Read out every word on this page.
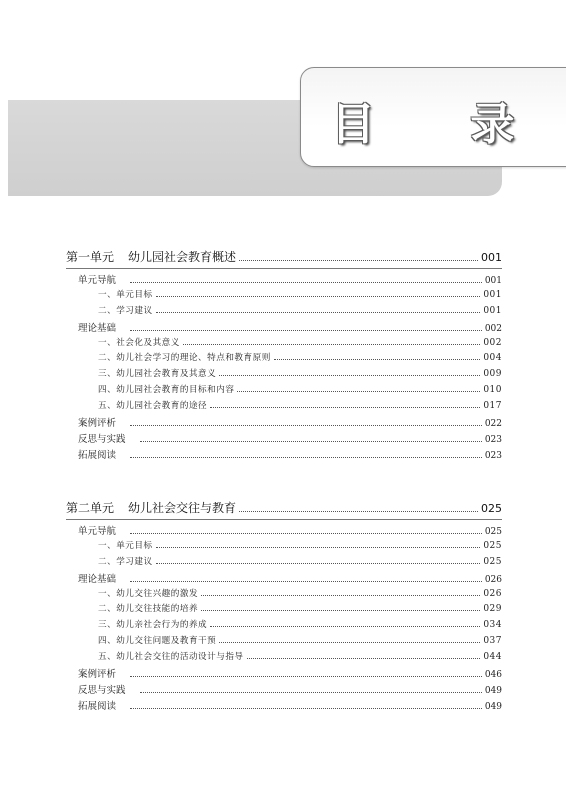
目 录
第一单元 幼儿园社会教育概述	001
单元导航	001
一、单元目标	001
二、学习建议	001
理论基础	002
一、社会化及其意义	002
二、幼儿社会学习的理论、特点和教育原则	004
三、幼儿园社会教育及其意义	009
四、幼儿园社会教育的目标和内容	010
五、幼儿园社会教育的途径	017
案例评析	022
反思与实践	023
拓展阅读	023
第二单元 幼儿社会交往与教育	025
单元导航	025
一、单元目标	025
二、学习建议	025
理论基础	026
一、幼儿交往兴趣的激发	026
二、幼儿交往技能的培养	029
三、幼儿亲社会行为的养成	034
四、幼儿交往问题及教育干预	037
五、幼儿社会交往的活动设计与指导	044
案例评析	046
反思与实践	049
拓展阅读	049
